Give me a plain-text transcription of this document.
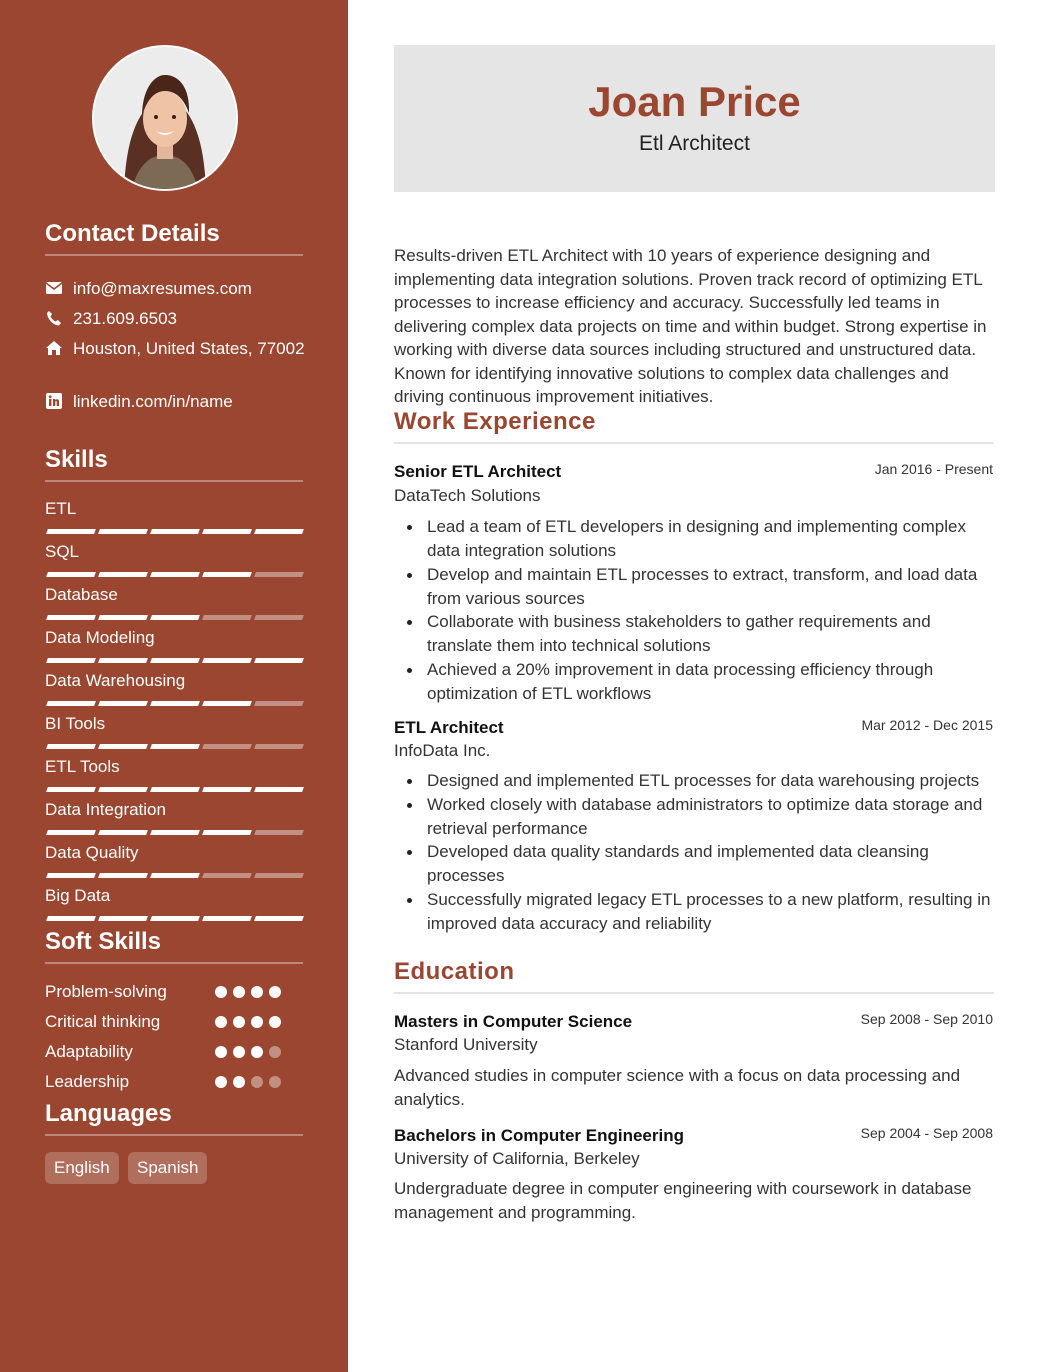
Contact Details
info@maxresumes.com
231.609.6503
Houston, United States, 77002
linkedin.com/in/name
Skills
ETL
SQL
Database
Data Modeling
Data Warehousing
BI Tools
ETL Tools
Data Integration
Data Quality
Big Data
Soft Skills
Problem-solving
Critical thinking
Adaptability
Leadership
Languages
English	Spanish
Joan Price
Etl Architect

Results-driven ETL Architect with 10 years of experience designing and implementing data integration solutions. Proven track record of optimizing ETL processes to increase efficiency and accuracy. Successfully led teams in delivering complex data projects on time and within budget. Strong expertise in working with diverse data sources including structured and unstructured data. Known for identifying innovative solutions to complex data challenges and driving continuous improvement initiatives.

Work Experience
Senior ETL Architect	Jan 2016 - Present
DataTech Solutions
Lead a team of ETL developers in designing and implementing complex data integration solutions
Develop and maintain ETL processes to extract, transform, and load data from various sources
Collaborate with business stakeholders to gather requirements and translate them into technical solutions
Achieved a 20% improvement in data processing efficiency through optimization of ETL workflows
ETL Architect	Mar 2012 - Dec 2015
InfoData Inc.
Designed and implemented ETL processes for data warehousing projects
Worked closely with database administrators to optimize data storage and retrieval performance
Developed data quality standards and implemented data cleansing processes
Successfully migrated legacy ETL processes to a new platform, resulting in improved data accuracy and reliability
Education
Masters in Computer Science	Sep 2008 - Sep 2010
Stanford University

Advanced studies in computer science with a focus on data processing and analytics.

Bachelors in Computer Engineering	Sep 2004 - Sep 2008
University of California, Berkeley

Undergraduate degree in computer engineering with coursework in database management and programming.
